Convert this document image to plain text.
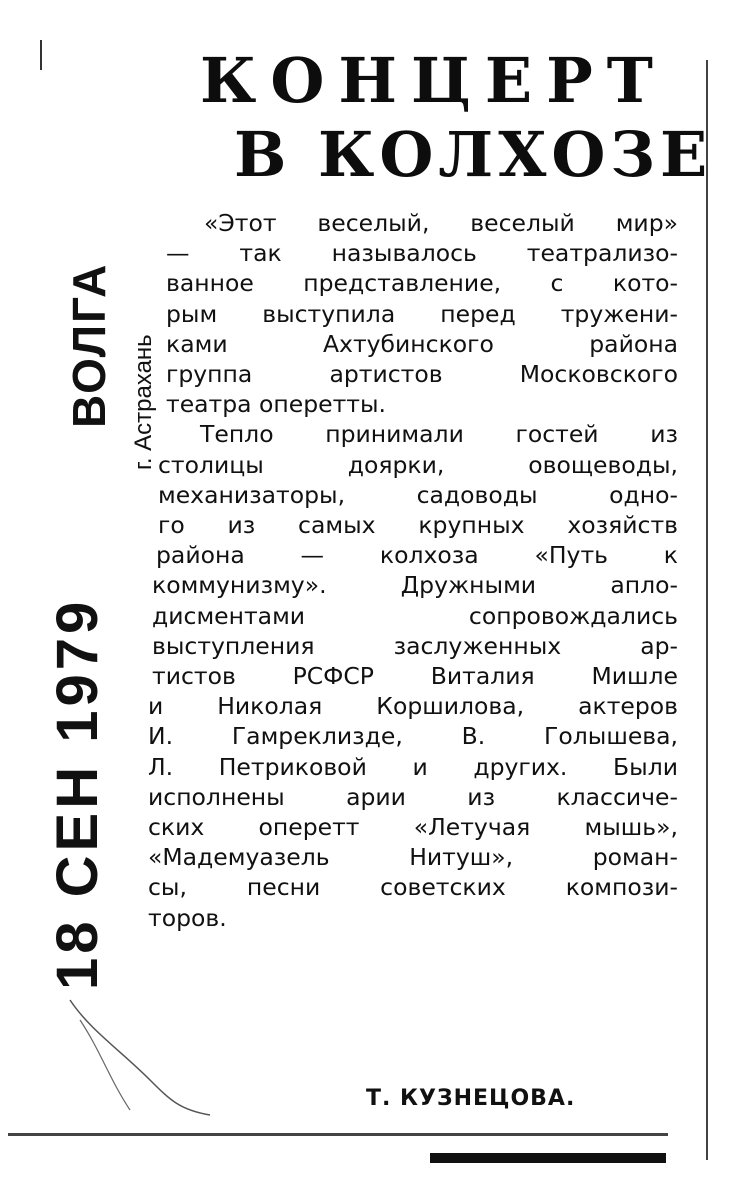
КОНЦЕРТ
В КОЛХОЗЕ
ВОЛГА г. Астрахань
18 СЕН 1979
«Этот веселый, веселый мир»
— так называлось театрализо-
ванное представление, с кото-
рым выступила перед тружени-
ками Ахтубинского района
группа артистов Московского
театра оперетты.
Тепло принимали гостей из
столицы доярки, овощеводы,
механизаторы, садоводы одно-
го из самых крупных хозяйств
района — колхоза «Путь к
коммунизму». Дружными апло-
дисментами сопровождались
выступления заслуженных ар-
тистов РСФСР Виталия Мишле
и Николая Коршилова, актеров
И. Гамреклизде, В. Голышева,
Л. Петриковой и других. Были
исполнены арии из классиче-
ских оперетт «Летучая мышь»,
«Мадемуазель Нитуш», роман-
сы, песни советских компози-
торов.
Т. КУЗНЕЦОВА.
